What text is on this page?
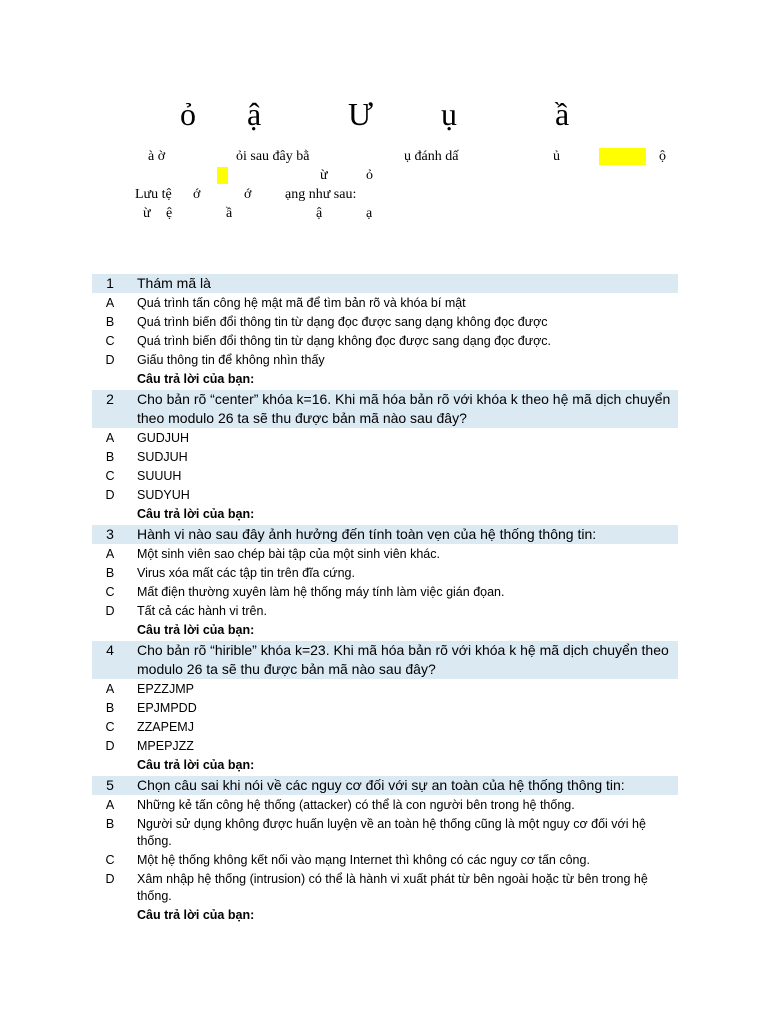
ỏ ậ	Ư ụ	ầ
à ờ	ỏi sau đây bằ	ụ đánh dấ	ủ	ộ
ừ	ỏ
Lưu tệ ớ	ớ ạng như sau:
ừ ệ	ầ	ậ	ạ
1	Thám mã là
A	Quá trình tấn công hệ mật mã để tìm bản rõ và khóa bí mật
B	Quá trình biến đổi thông tin từ dạng đọc được sang dạng không đọc được
C	Quá trình biến đổi thông tin từ dạng không đọc được sang dạng đọc được.
D	Giấu thông tin để không nhìn thấy
Câu trả lời của bạn:
2	Cho bản rõ “center” khóa k=16. Khi mã hóa bản rõ với khóa k theo hệ mã dịch chuyển theo modulo 26 ta sẽ thu được bản mã nào sau đây?
A	GUDJUH
B	SUDJUH
C	SUUUH
D	SUDYUH
Câu trả lời của bạn:
3	Hành vi nào sau đây ảnh hưởng đến tính toàn vẹn của hệ thống thông tin:
A	Một sinh viên sao chép bài tập của một sinh viên khác.
B	Virus xóa mất các tập tin trên đĩa cứng.
C	Mất điện thường xuyên làm hệ thống máy tính làm việc gián đọan.
D	Tất cả các hành vi trên.
Câu trả lời của bạn:
4	Cho bản rõ “hirible” khóa k=23. Khi mã hóa bản rõ với khóa k hệ mã dịch chuyển theo modulo 26 ta sẽ thu được bản mã nào sau đây?
A	EPZZJMP
B	EPJMPDD
C	ZZAPEMJ
D	MPEPJZZ
Câu trả lời của bạn:
5	Chọn câu sai khi nói về các nguy cơ đối với sự an toàn của hệ thống thông tin:
A	Những kẻ tấn công hệ thống (attacker) có thể là con người bên trong hệ thống.
B	Người sử dụng không được huấn luyện về an toàn hệ thống cũng là một nguy cơ đối với hệ thống.
C	Một hệ thống không kết nối vào mạng Internet thì không có các nguy cơ tấn công.
D	Xâm nhập hệ thống (intrusion) có thể là hành vi xuất phát từ bên ngoài hoặc từ bên trong hệ thống.
Câu trả lời của bạn:
